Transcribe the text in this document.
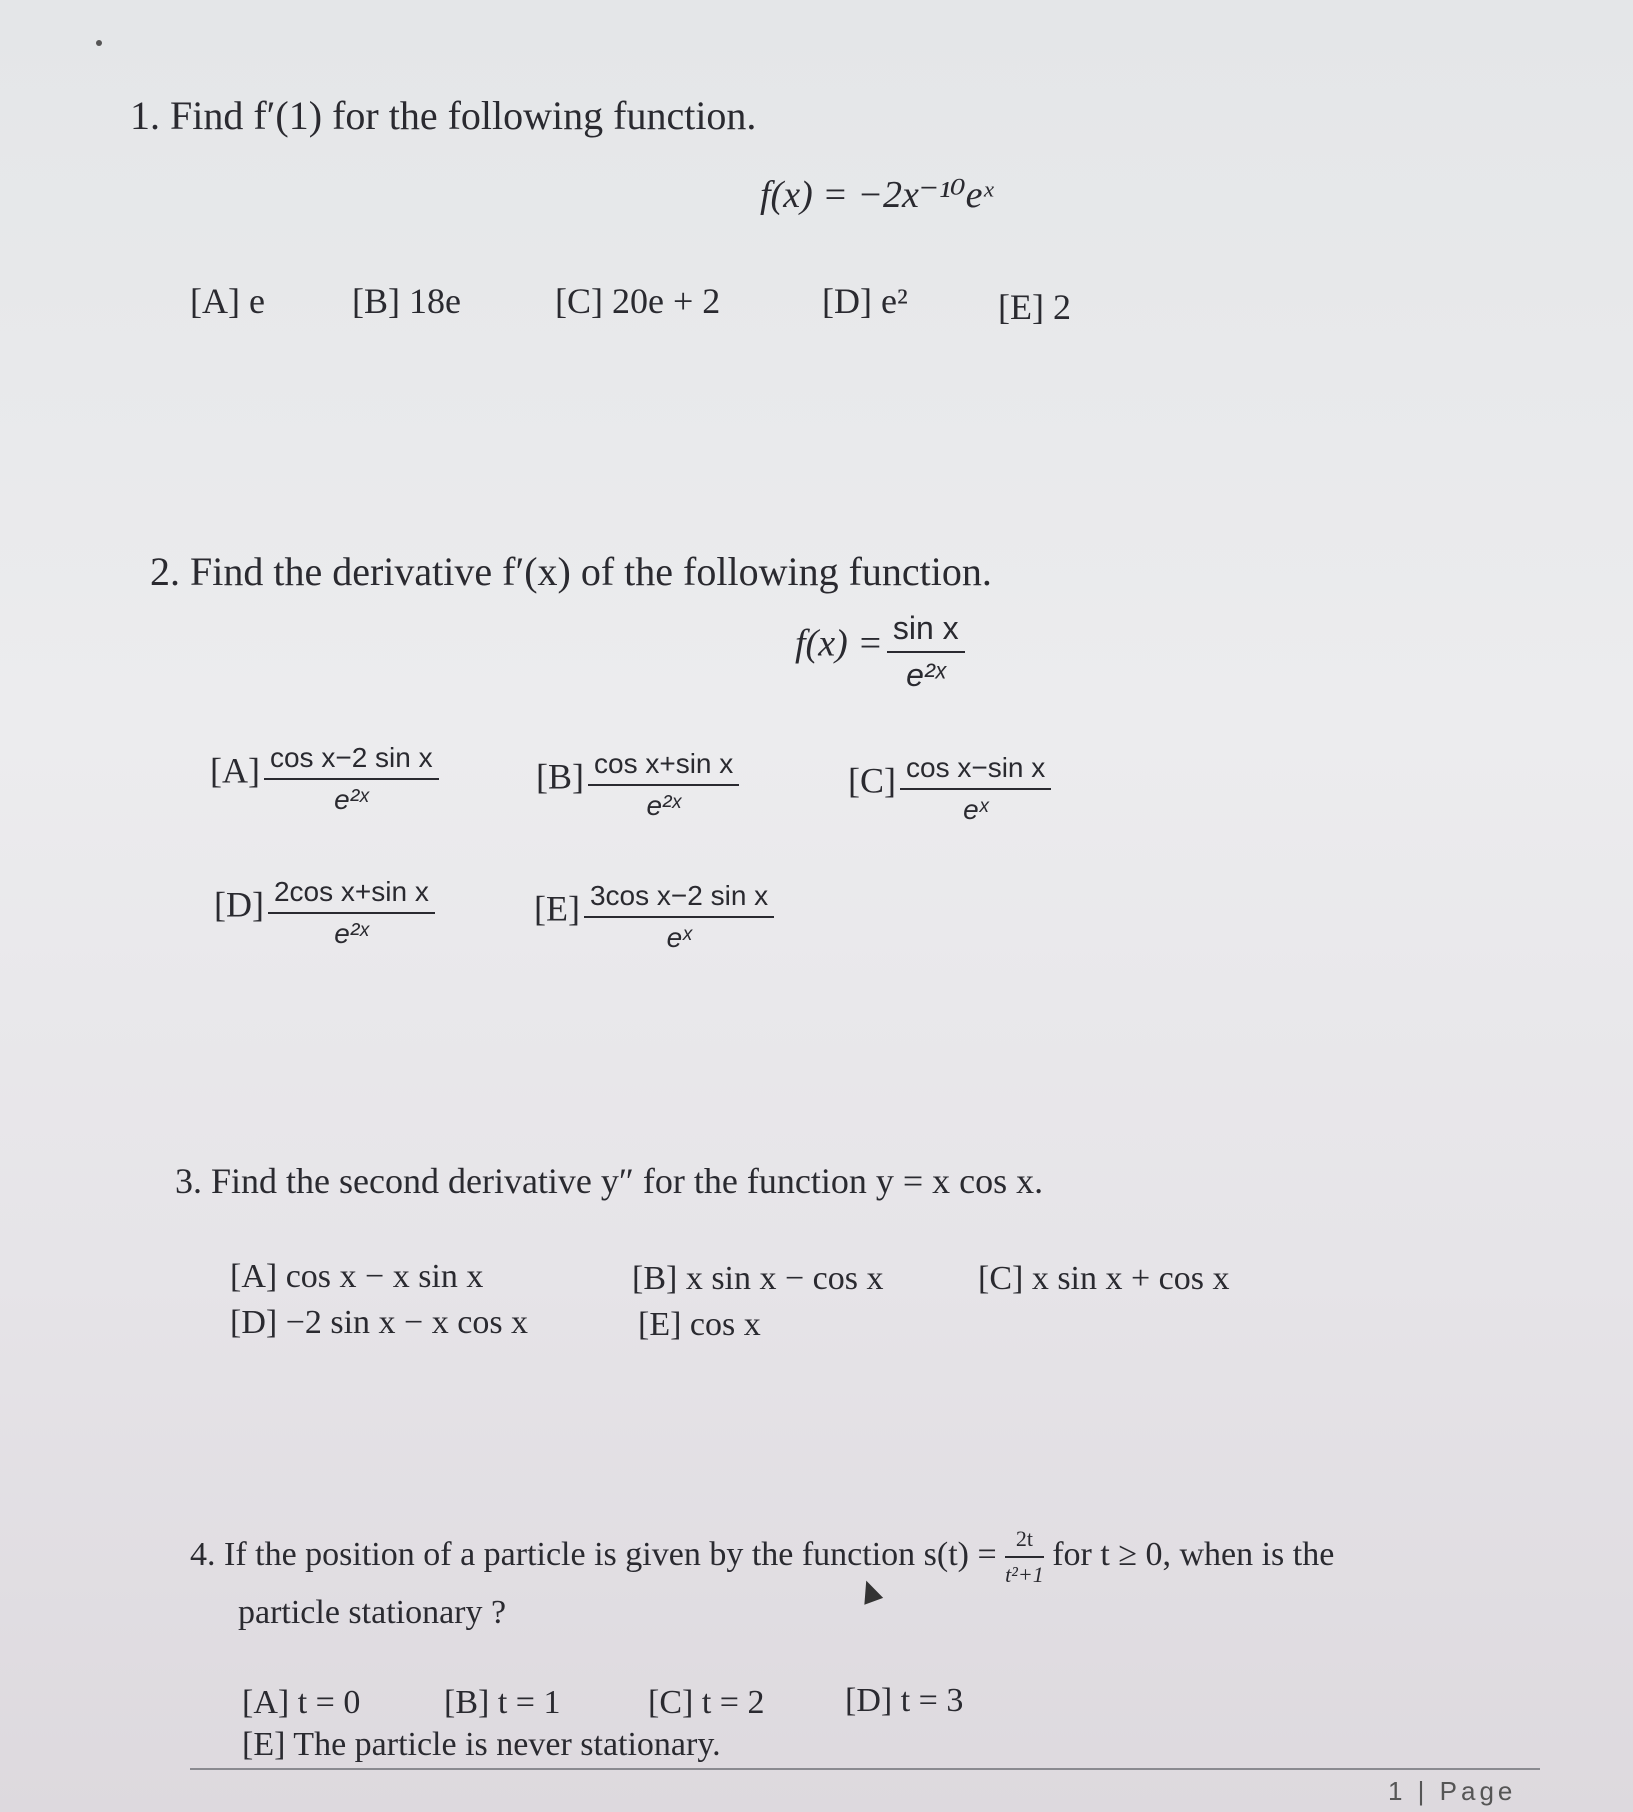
1. Find f′(1) for the following function.
f(x) = −2x⁻¹⁰eˣ
[A] e [B] 18e	[C] 20e + 2	[D] e²	[E] 2
2. Find the derivative f′(x) of the following function.
$f(x) = \frac{\text{sin x}}{\text{e²ˣ}}$
$[A] \frac{\text{cos x−2 sin x}}{\text{e²ˣ}}$	$[B] \frac{\text{cos x+sin x}}{\text{e²ˣ}}$	$[C] \frac{\text{cos x−sin x}}{\text{eˣ}}$
$[D] \frac{\text{2cos x+sin x}}{\text{e²ˣ}}$	$[E] \frac{\text{3cos x−2 sin x}}{\text{eˣ}}$
3. Find the second derivative y″ for the function y = x cos x.
[A] cos x − x sin x	[B] x sin x − cos x	[C] x sin x + cos x
[D] −2 sin x − x cos x	[E] cos x
4. If the position of a particle is given by the function $s(t) = \frac{2t}{\text{t²+1}}$ for t ≥ 0, when is the
particle stationary ?
[A] t = 0 [B] t = 1	[C] t = 2 [D] t = 3
[E] The particle is never stationary.
1 | Page
